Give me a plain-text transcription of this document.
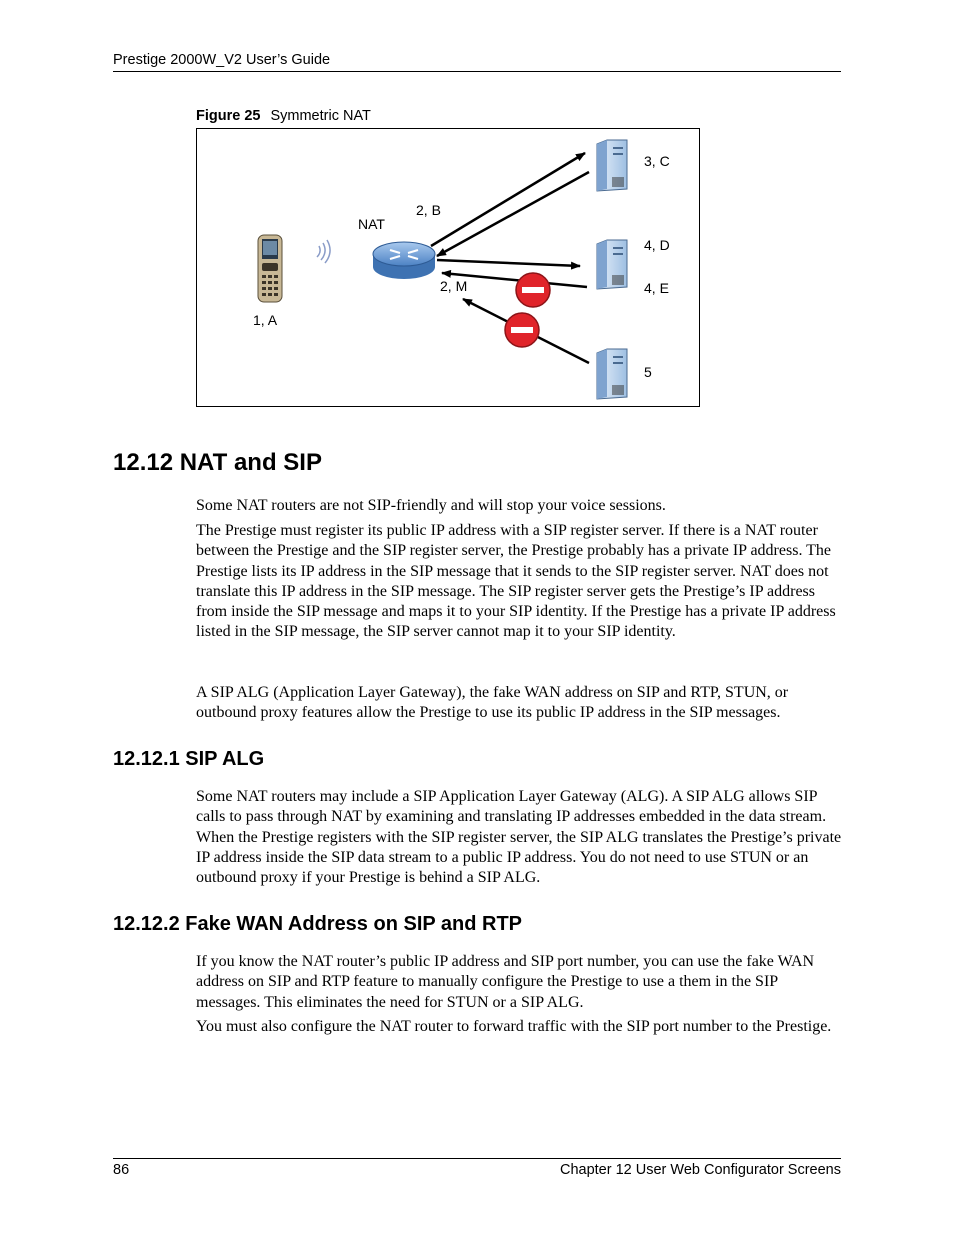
Prestige 2000W_V2 User’s Guide
Figure 25 Symmetric NAT
1, A
NAT
2, B
2, M
3, C
4, D
4, E
5
12.12 NAT and SIP

Some NAT routers are not SIP-friendly and will stop your voice sessions.

The Prestige must register its public IP address with a SIP register server. If there is a NAT router between the Prestige and the SIP register server, the Prestige probably has a private IP address. The Prestige lists its IP address in the SIP message that it sends to the SIP register server. NAT does not translate this IP address in the SIP message. The SIP register server gets the Prestige’s IP address from inside the SIP message and maps it to your SIP identity. If the Prestige has a private IP address listed in the SIP message, the SIP server cannot map it to your SIP identity.

A SIP ALG (Application Layer Gateway), the fake WAN address on SIP and RTP, STUN, or outbound proxy features allow the Prestige to use its public IP address in the SIP messages.

12.12.1 SIP ALG

Some NAT routers may include a SIP Application Layer Gateway (ALG). A SIP ALG allows SIP calls to pass through NAT by examining and translating IP addresses embedded in the data stream. When the Prestige registers with the SIP register server, the SIP ALG translates the Prestige’s private IP address inside the SIP data stream to a public IP address. You do not need to use STUN or an outbound proxy if your Prestige is behind a SIP ALG.

12.12.2 Fake WAN Address on SIP and RTP

If you know the NAT router’s public IP address and SIP port number, you can use the fake WAN address on SIP and RTP feature to manually configure the Prestige to use a them in the SIP messages. This eliminates the need for STUN or a SIP ALG.

You must also configure the NAT router to forward traffic with the SIP port number to the Prestige.

86	Chapter 12 User Web Configurator Screens
